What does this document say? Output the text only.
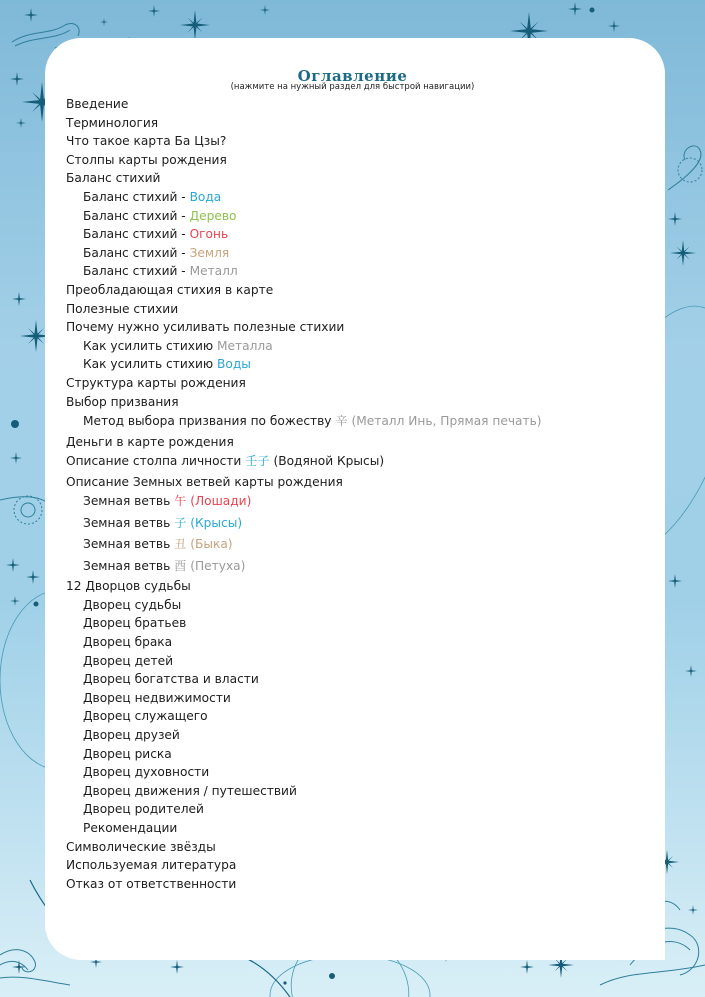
Оглавление
(нажмите на нужный раздел для быстрой навигации)
Введение
Терминология
Что такое карта Ба Цзы?
Столпы карты рождения
Баланс стихий
Баланс стихий - Вода
Баланс стихий - Дерево
Баланс стихий - Огонь
Баланс стихий - Земля
Баланс стихий - Металл
Преобладающая стихия в карте
Полезные стихии
Почему нужно усиливать полезные стихии
Как усилить стихию Металла
Как усилить стихию Воды
Структура карты рождения
Выбор призвания
Метод выбора призвания по божеству 辛 (Металл Инь, Прямая печать)
Деньги в карте рождения
Описание столпа личности 壬子 (Водяной Крысы)
Описание Земных ветвей карты рождения
Земная ветвь 午 (Лошади)
Земная ветвь 子 (Крысы)
Земная ветвь 丑 (Быка)
Земная ветвь 酉 (Петуха)
12 Дворцов судьбы
Дворец судьбы
Дворец братьев
Дворец брака
Дворец детей
Дворец богатства и власти
Дворец недвижимости
Дворец служащего
Дворец друзей
Дворец риска
Дворец духовности
Дворец движения / путешествий
Дворец родителей
Рекомендации
Символические звёзды
Используемая литература
Отказ от ответственности
